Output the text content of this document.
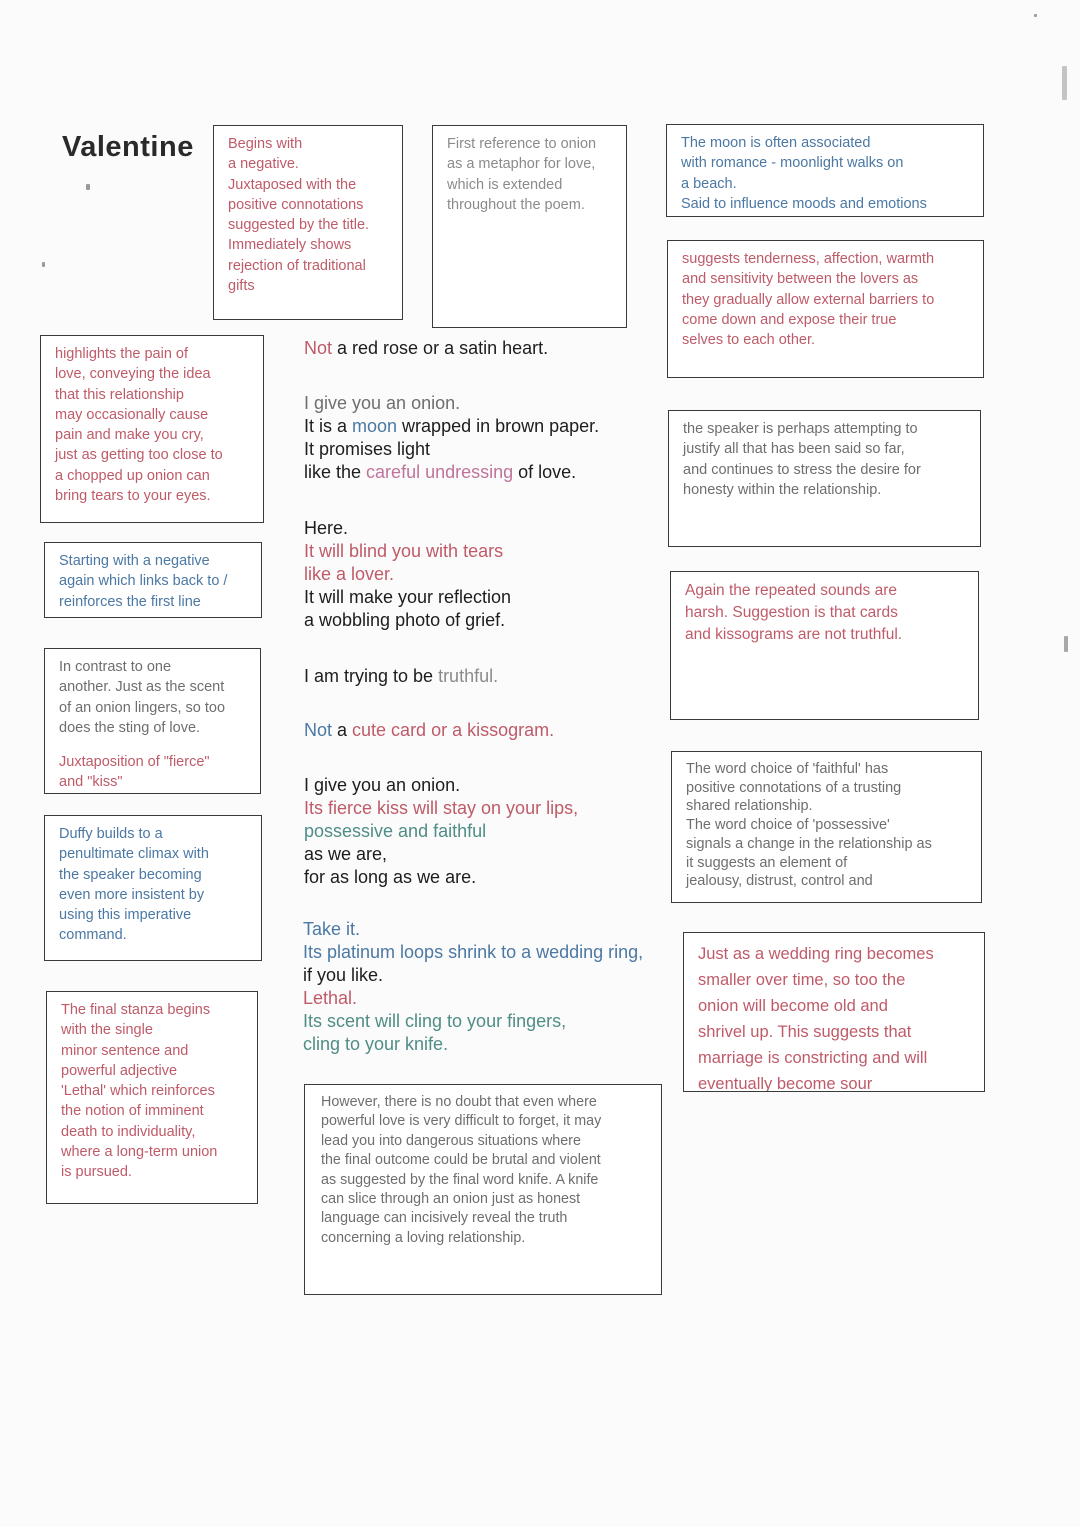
Valentine Begins with

a negative.

Juxtaposed with the

positive connotations

suggested by the title.

Immediately shows

rejection of traditional

gifts

First reference to onion

as a metaphor for love,

which is extended

throughout the poem.

The moon is often associated

with romance - moonlight walks on

a beach.

Said to influence moods and emotions

suggests tenderness, affection, warmth

and sensitivity between the lovers as

they gradually allow external barriers to

come down and expose their true

selves to each other.

highlights the pain of

love, conveying the idea

that this relationship

may occasionally cause

pain and make you cry,

just as getting too close to

a chopped up onion can

bring tears to your eyes.

the speaker is perhaps attempting to

justify all that has been said so far,

and continues to stress the desire for

honesty within the relationship.

Starting with a negative

again which links back to /

reinforces the first line

Again the repeated sounds are

harsh. Suggestion is that cards

and kissograms are not truthful.

In contrast to one

another. Just as the scent

of an onion lingers, so too

does the sting of love.

Juxtaposition of "fierce"

and "kiss"

The word choice of 'faithful' has

positive connotations of a trusting

shared relationship.

The word choice of 'possessive'

signals a change in the relationship as

it suggests an element of

jealousy, distrust, control and

Duffy builds to a

penultimate climax with

the speaker becoming

even more insistent by

using this imperative

command.

Just as a wedding ring becomes

smaller over time, so too the

onion will become old and

shrivel up. This suggests that

marriage is constricting and will

eventually become sour

The final stanza begins

with the single

minor sentence and

powerful adjective

'Lethal' which reinforces

the notion of imminent

death to individuality,

where a long-term union

is pursued.

However, there is no doubt that even where

powerful love is very difficult to forget, it may

lead you into dangerous situations where

the final outcome could be brutal and violent

as suggested by the final word knife. A knife

can slice through an onion just as honest

language can incisively reveal the truth

concerning a loving relationship.

Not a red rose or a satin heart.
I give you an onion.
It is a moon wrapped in brown paper.
It promises light
like the careful undressing of love.
Here.
It will blind you with tears
like a lover.
It will make your reflection
a wobbling photo of grief.
I am trying to be truthful.
Not a cute card or a kissogram.
I give you an onion.
Its fierce kiss will stay on your lips,
possessive and faithful
as we are,
for as long as we are.
Take it.
Its platinum loops shrink to a wedding ring,
if you like.
Lethal.
Its scent will cling to your fingers,
cling to your knife.
